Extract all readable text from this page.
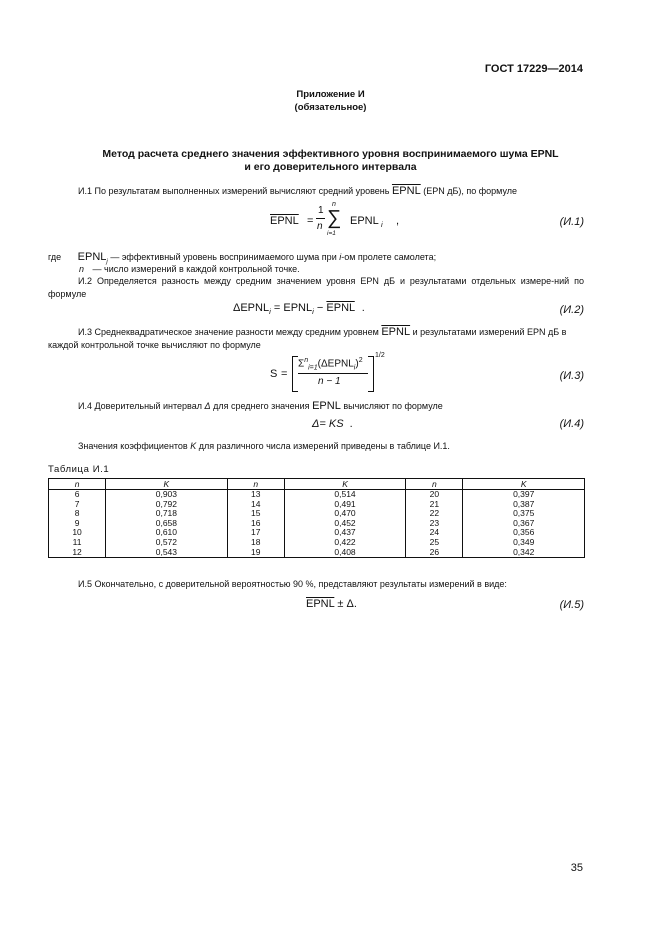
ГОСТ 17229—2014
Приложение И
(обязательное)
Метод расчета среднего значения эффективного уровня воспринимаемого шума EPNL
и его доверительного интервала
И.1 По результатам выполненных измерений вычисляют средний уровень EPNL (EPN дБ), по формуле
EPNL =
1
n
n
∑
i=1
EPNL i ,	(И.1)
где $EPNL_j$ — эффективный уровень воспринимаемого шума при i-ом пролете самолета;
n — число измерений в каждой контрольной точке.
И.2 Определяется разность между средним значением уровня EPN дБ и результатами отдельных измере-ний по формуле
$\Delta EPNL_i$ = $EPNL_i$ − EPNL .	(И.2)
И.3 Среднеквадратическое значение разности между средним уровнем EPNL и результатами измерений EPN дБ в каждой контрольной точке вычисляют по формуле
S =
$\Sigma^n_{i=1}(\Delta EPNL_i)^2$
n − 1
1/2
(И.3)
И.4 Доверительный интервал Δ для среднего значения EPNL вычисляют по формуле
Δ= KS .	(И.4)
Значения коэффициентов K для различного числа измерений приведены в таблице И.1.
Таблица И.1
n	K	n	K	n	K
6	0,903	13	0,514	20	0,397
7	0,792	14	0,491	21	0,387
8	0,718	15	0,470	22	0,375
9	0,658	16	0,452	23	0,367
10	0,610	17	0,437	24	0,356
11	0,572	18	0,422	25	0,349
12	0,543	19	0,408	26	0,342
И.5 Окончательно, с доверительной вероятностью 90 %, представляют результаты измерений в виде:
EPNL ± Δ.	(И.5)
35
